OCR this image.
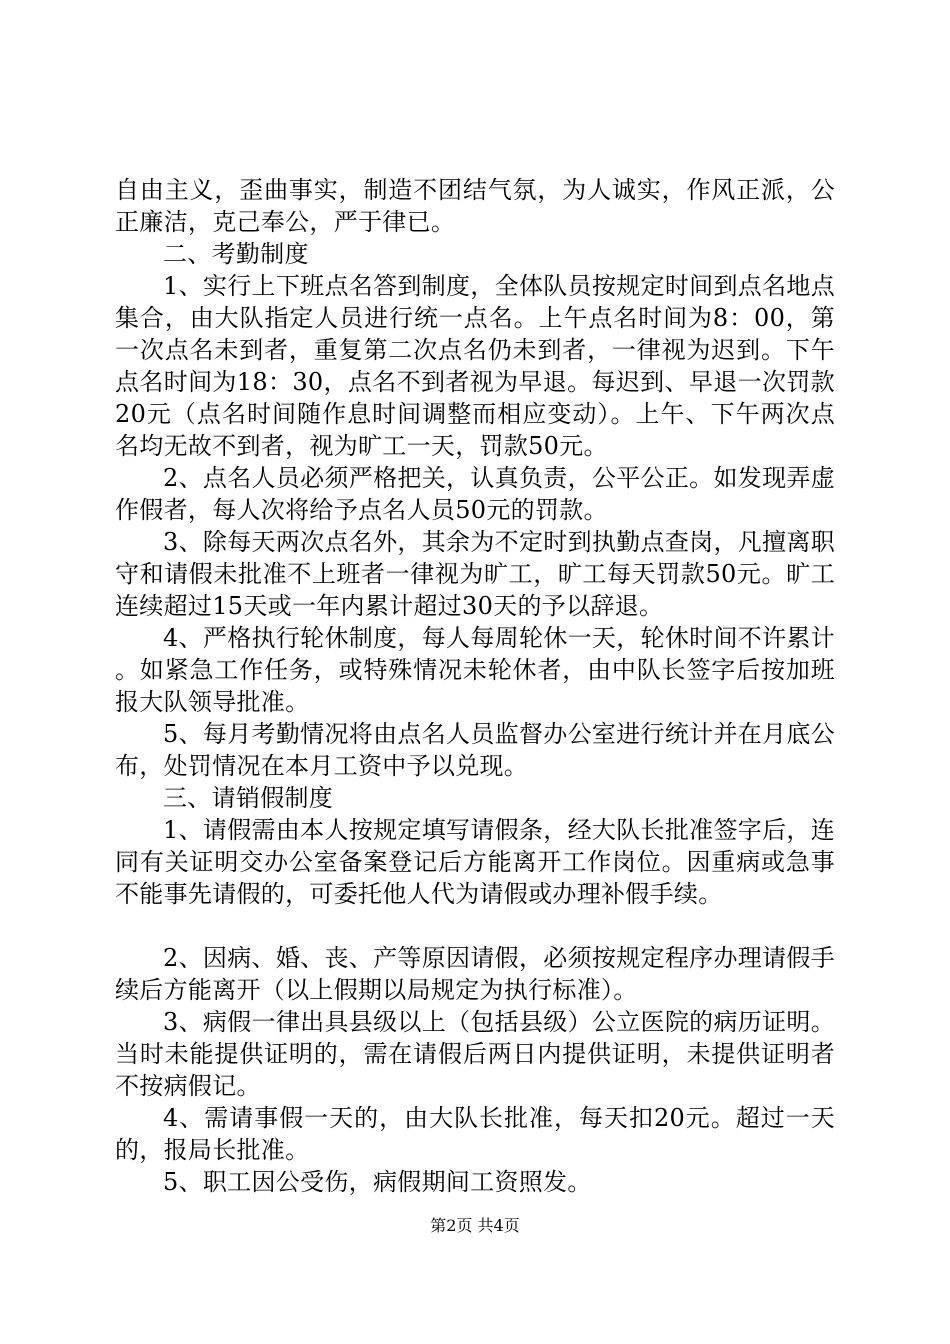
自由主义，歪曲事实，制造不团结气氛，为人诚实，作风正派，公正廉洁，克己奉公，严于律已。

二、考勤制度

1、实行上下班点名答到制度，全体队员按规定时间到点名地点集合，由大队指定人员进行统一点名。上午点名时间为8：00，第一次点名未到者，重复第二次点名仍未到者，一律视为迟到。下午点名时间为18：30，点名不到者视为早退。每迟到、早退一次罚款20元（点名时间随作息时间调整而相应变动）。上午、下午两次点名均无故不到者，视为旷工一天，罚款50元。

2、点名人员必须严格把关，认真负责，公平公正。如发现弄虚作假者，每人次将给予点名人员50元的罚款。

3、除每天两次点名外，其余为不定时到执勤点查岗，凡擅离职守和请假未批准不上班者一律视为旷工，旷工每天罚款50元。旷工连续超过15天或一年内累计超过30天的予以辞退。

4、严格执行轮休制度，每人每周轮休一天，轮休时间不许累计。如紧急工作任务，或特殊情况未轮休者，由中队长签字后按加班报大队领导批准。

5、每月考勤情况将由点名人员监督办公室进行统计并在月底公布，处罚情况在本月工资中予以兑现。

三、请销假制度

1、请假需由本人按规定填写请假条，经大队长批准签字后，连同有关证明交办公室备案登记后方能离开工作岗位。因重病或急事不能事先请假的，可委托他人代为请假或办理补假手续。

2、因病、婚、丧、产等原因请假，必须按规定程序办理请假手续后方能离开（以上假期以局规定为执行标准）。

3、病假一律出具县级以上（包括县级）公立医院的病历证明。当时未能提供证明的，需在请假后两日内提供证明，未提供证明者不按病假记。

4、需请事假一天的，由大队长批准，每天扣20元。超过一天的，报局长批准。

5、职工因公受伤，病假期间工资照发。

第2页 共4页
